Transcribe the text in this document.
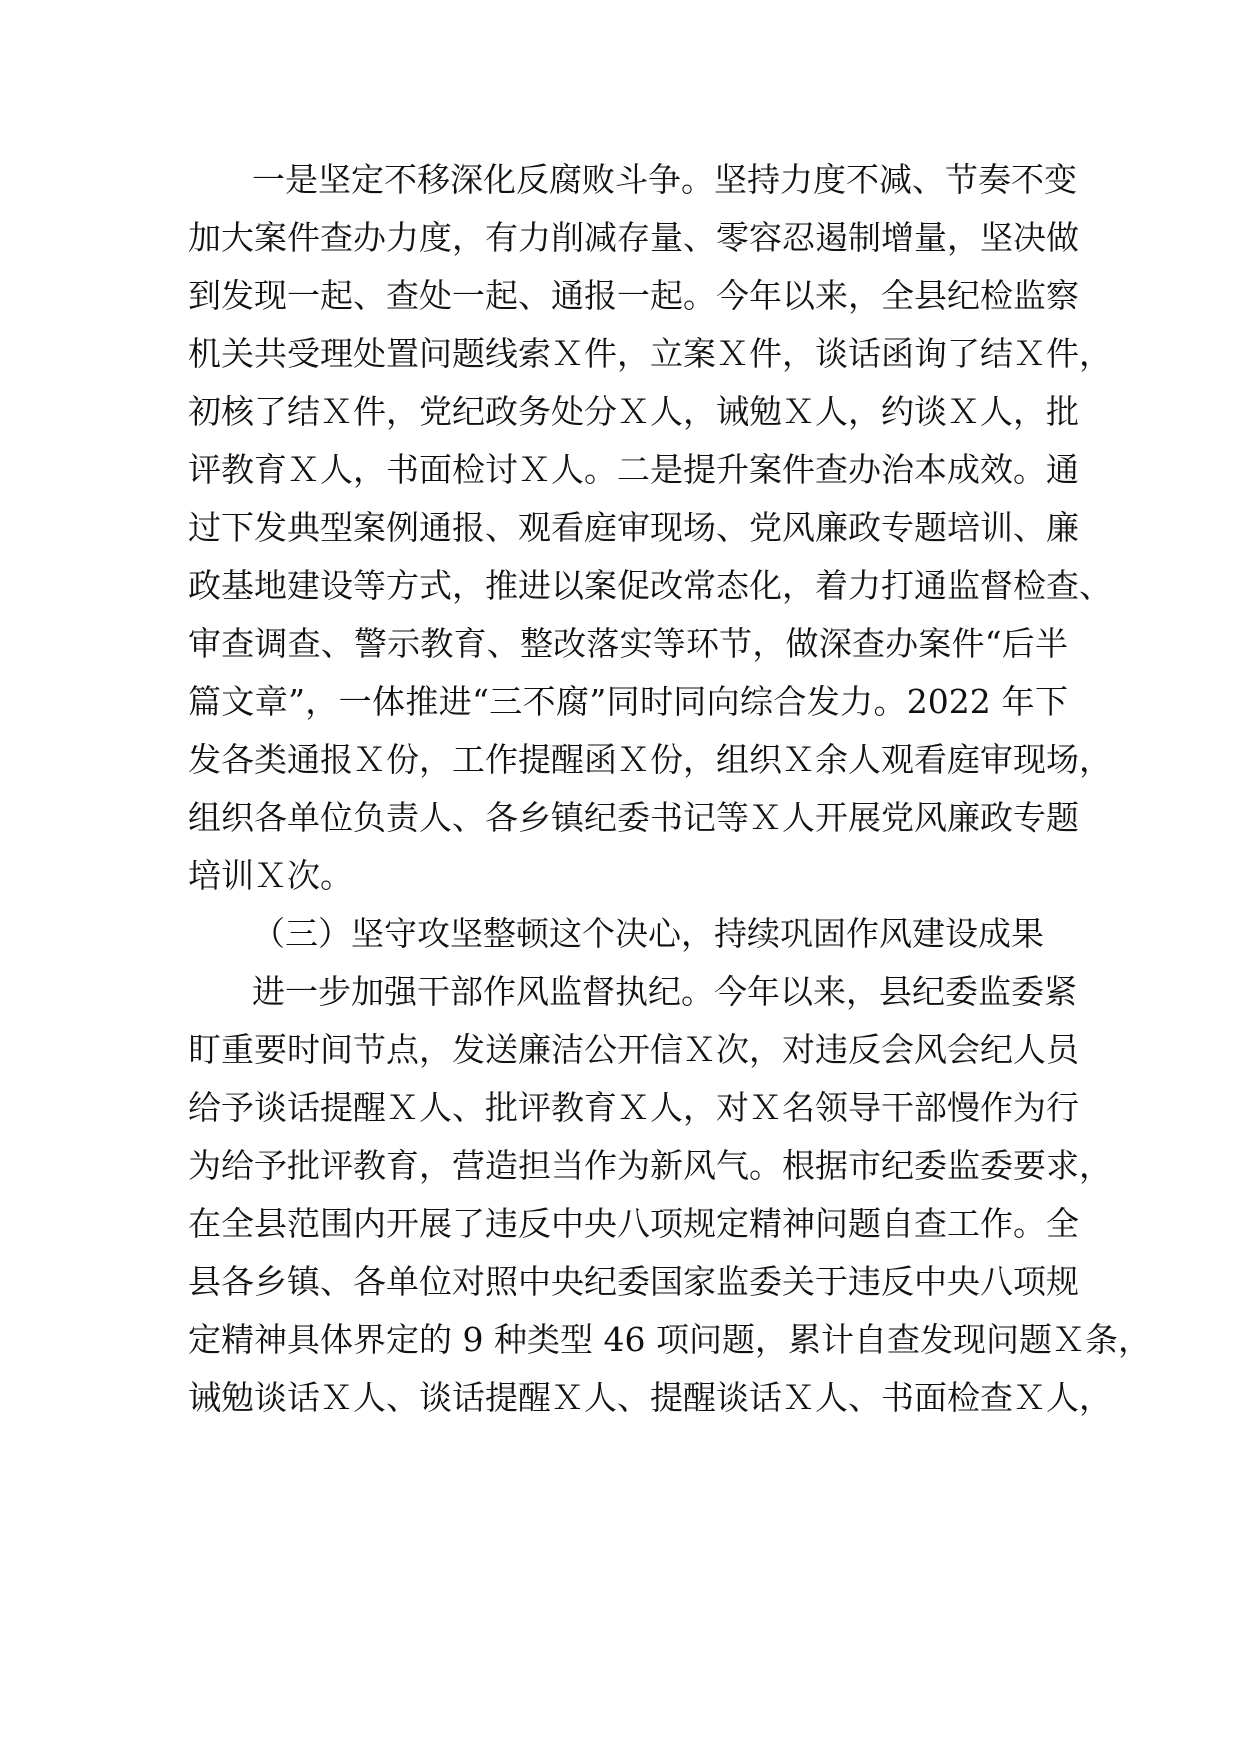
一是坚定不移深化反腐败斗争。坚持力度不减、节奏不变

加大案件查办力度，有力削减存量、零容忍遏制增量，坚决做

到发现一起、查处一起、通报一起。今年以来，全县纪检监察

机关共受理处置问题线索Ｘ件，立案Ｘ件，谈话函询了结Ｘ件，

初核了结Ｘ件，党纪政务处分Ｘ人，诫勉Ｘ人，约谈Ｘ人，批

评教育Ｘ人，书面检讨Ｘ人。二是提升案件查办治本成效。通

过下发典型案例通报、观看庭审现场、党风廉政专题培训、廉

政基地建设等方式，推进以案促改常态化，着力打通监督检查、

审查调查、警示教育、整改落实等环节，做深查办案件“后半

篇文章”，一体推进“三不腐”同时同向综合发力。2022 年下

发各类通报Ｘ份，工作提醒函Ｘ份，组织Ｘ余人观看庭审现场，

组织各单位负责人、各乡镇纪委书记等Ｘ人开展党风廉政专题

培训Ｘ次。

（三）坚守攻坚整顿这个决心，持续巩固作风建设成果

进一步加强干部作风监督执纪。今年以来，县纪委监委紧

盯重要时间节点，发送廉洁公开信Ｘ次，对违反会风会纪人员

给予谈话提醒Ｘ人、批评教育Ｘ人，对Ｘ名领导干部慢作为行

为给予批评教育，营造担当作为新风气。根据市纪委监委要求，

在全县范围内开展了违反中央八项规定精神问题自查工作。全

县各乡镇、各单位对照中央纪委国家监委关于违反中央八项规

定精神具体界定的 9 种类型 46 项问题，累计自查发现问题Ｘ条，

诫勉谈话Ｘ人、谈话提醒Ｘ人、提醒谈话Ｘ人、书面检查Ｘ人，
